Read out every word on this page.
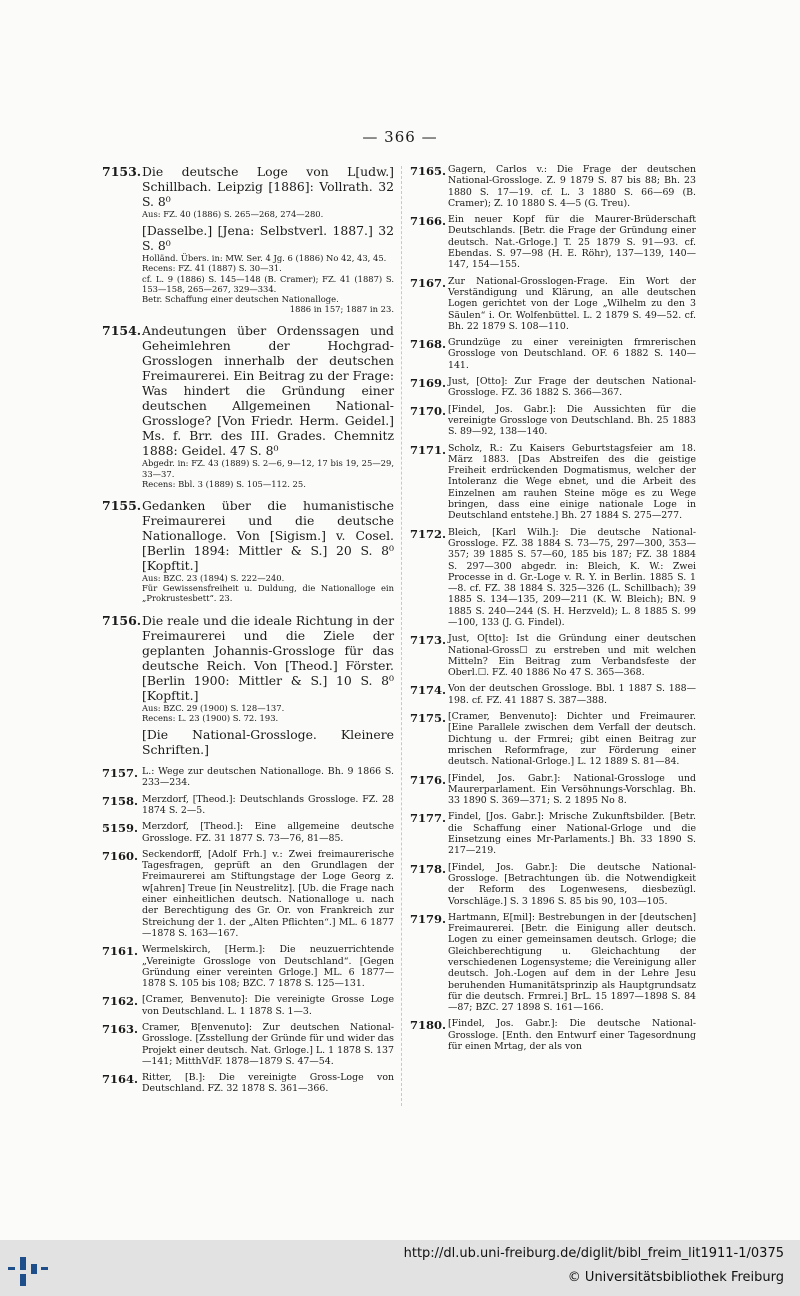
— 366 —
7153. Die deutsche Loge von L[udw.] Schillbach. Leipzig [1886]: Vollrath. 32 S. 8⁰
Aus: FZ. 40 (1886) S. 265—268, 274—280.
[Dasselbe.] [Jena: Selbstverl. 1887.] 32 S. 8⁰
Holländ. Übers. in: MW. Ser. 4 Jg. 6 (1886) No 42, 43, 45.
Recens: FZ. 41 (1887) S. 30—31.
cf. L. 9 (1886) S. 145—148 (B. Cramer); FZ. 41 (1887) S. 153—158, 265—267, 329—334.
Betr. Schaffung einer deutschen Nationalloge.
1886 in 157; 1887 in 23.
7154. Andeutungen über Ordenssagen und Geheimlehren der Hochgrad-Grosslogen innerhalb der deutschen Freimaurerei. Ein Beitrag zu der Frage: Was hindert die Gründung einer deutschen Allgemeinen National-Grossloge? [Von Friedr. Herm. Geidel.] Ms. f. Brr. des III. Grades. Chemnitz 1888: Geidel. 47 S. 8⁰
Abgedr. in: FZ. 43 (1889) S. 2—6, 9—12, 17 bis 19, 25—29, 33—37.
Recens: Bbl. 3 (1889) S. 105—112. 25.
7155. Gedanken über die humanistische Freimaurerei und die deutsche Nationalloge. Von [Sigism.] v. Cosel. [Berlin 1894: Mittler & S.] 20 S. 8⁰ [Kopftit.]
Aus: BZC. 23 (1894) S. 222—240.
Für Gewissensfreiheit u. Duldung, die Nationalloge ein „Prokrustesbett“. 23.
7156. Die reale und die ideale Richtung in der Freimaurerei und die Ziele der geplanten Johannis-Grossloge für das deutsche Reich. Von [Theod.] Förster. [Berlin 1900: Mittler & S.] 10 S. 8⁰ [Kopftit.]
Aus: BZC. 29 (1900) S. 128—137.
Recens: L. 23 (1900) S. 72. 193.
[Die National-Grossloge. Kleinere Schriften.]
7157. L.: Wege zur deutschen Nationalloge. Bh. 9 1866 S. 233—234.
7158. Merzdorf, [Theod.]: Deutschlands Grossloge. FZ. 28 1874 S. 2—5.
5159. Merzdorf, [Theod.]: Eine allgemeine deutsche Grossloge. FZ. 31 1877 S. 73—76, 81—85.
7160. Seckendorff, [Adolf Frh.] v.: Zwei freimaurerische Tagesfragen, geprüft an den Grundlagen der Freimaurerei am Stiftungstage der Loge Georg z. w[ahren] Treue [in Neustrelitz]. [Ub. die Frage nach einer einheitlichen deutsch. Nationalloge u. nach der Berechtigung des Gr. Or. von Frankreich zur Streichung der 1. der „Alten Pflichten“.] ML. 6 1877—1878 S. 163—167.
7161. Wermelskirch, [Herm.]: Die neuzuerrichtende „Vereinigte Grossloge von Deutschland“. [Gegen Gründung einer vereinten Grloge.] ML. 6 1877—1878 S. 105 bis 108; BZC. 7 1878 S. 125—131.
7162. [Cramer, Benvenuto]: Die vereinigte Grosse Loge von Deutschland. L. 1 1878 S. 1—3.
7163. Cramer, B[envenuto]: Zur deutschen National-Grossloge. [Zsstellung der Gründe für und wider das Projekt einer deutsch. Nat. Grloge.] L. 1 1878 S. 137—141; MitthVdF. 1878—1879 S. 47—54.
7164. Ritter, [B.]: Die vereinigte Gross-Loge von Deutschland. FZ. 32 1878 S. 361—366.
7165. Gagern, Carlos v.: Die Frage der deutschen National-Grossloge. Z. 9 1879 S. 87 bis 88; Bh. 23 1880 S. 17—19. cf. L. 3 1880 S. 66—69 (B. Cramer); Z. 10 1880 S. 4—5 (G. Treu).
7166. Ein neuer Kopf für die Maurer-Brüderschaft Deutschlands. [Betr. die Frage der Gründung einer deutsch. Nat.-Grloge.] T. 25 1879 S. 91—93. cf. Ebendas. S. 97—98 (H. E. Röhr), 137—139, 140—147, 154—155.
7167. Zur National-Grosslogen-Frage. Ein Wort der Verständigung und Klärung, an alle deutschen Logen gerichtet von der Loge „Wilhelm zu den 3 Säulen“ i. Or. Wolfenbüttel. L. 2 1879 S. 49—52. cf. Bh. 22 1879 S. 108—110.
7168. Grundzüge zu einer vereinigten frmrerischen Grossloge von Deutschland. OF. 6 1882 S. 140—141.
7169. Just, [Otto]: Zur Frage der deutschen National-Grossloge. FZ. 36 1882 S. 366—367.
7170. [Findel, Jos. Gabr.]: Die Aussichten für die vereinigte Grossloge von Deutschland. Bh. 25 1883 S. 89—92, 138—140.
7171. Scholz, R.: Zu Kaisers Geburtstagsfeier am 18. März 1883. [Das Abstreifen des die geistige Freiheit erdrückenden Dogmatismus, welcher der Intoleranz die Wege ebnet, und die Arbeit des Einzelnen am rauhen Steine möge es zu Wege bringen, dass eine einige nationale Loge in Deutschland entstehe.] Bh. 27 1884 S. 275—277.
7172. Bleich, [Karl Wilh.]: Die deutsche National-Grossloge. FZ. 38 1884 S. 73—75, 297—300, 353—357; 39 1885 S. 57—60, 185 bis 187; FZ. 38 1884 S. 297—300 abgedr. in: Bleich, K. W.: Zwei Processe in d. Gr.-Loge v. R. Y. in Berlin. 1885 S. 1—8. cf. FZ. 38 1884 S. 325—326 (L. Schillbach); 39 1885 S. 134—135, 209—211 (K. W. Bleich); BN. 9 1885 S. 240—244 (S. H. Herzveld); L. 8 1885 S. 99—100, 133 (J. G. Findel).
7173. Just, O[tto]: Ist die Gründung einer deutschen National-Gross☐ zu erstreben und mit welchen Mitteln? Ein Beitrag zum Verbandsfeste der Oberl.☐. FZ. 40 1886 No 47 S. 365—368.
7174. Von der deutschen Grossloge. Bbl. 1 1887 S. 188—198. cf. FZ. 41 1887 S. 387—388.
7175. [Cramer, Benvenuto]: Dichter und Freimaurer. [Eine Parallele zwischen dem Verfall der deutsch. Dichtung u. der Frmrei; gibt einen Beitrag zur mrischen Reformfrage, zur Förderung einer deutsch. National-Grloge.] L. 12 1889 S. 81—84.
7176. [Findel, Jos. Gabr.]: National-Grossloge und Maurerparlament. Ein Versöhnungs-Vorschlag. Bh. 33 1890 S. 369—371; S. 2 1895 No 8.
7177. Findel, [Jos. Gabr.]: Mrische Zukunftsbilder. [Betr. die Schaffung einer National-Grloge und die Einsetzung eines Mr-Parlaments.] Bh. 33 1890 S. 217—219.
7178. [Findel, Jos. Gabr.]: Die deutsche National-Grossloge. [Betrachtungen üb. die Notwendigkeit der Reform des Logenwesens, diesbezügl. Vorschläge.] S. 3 1896 S. 85 bis 90, 103—105.
7179. Hartmann, E[mil]: Bestrebungen in der [deutschen] Freimaurerei. [Betr. die Einigung aller deutsch. Logen zu einer gemeinsamen deutsch. Grloge; die Gleichberechtigung u. Gleichachtung der verschiedenen Logensysteme; die Vereinigung aller deutsch. Joh.-Logen auf dem in der Lehre Jesu beruhenden Humanitätsprinzip als Hauptgrundsatz für die deutsch. Frmrei.] BrL. 15 1897—1898 S. 84—87; BZC. 27 1898 S. 161—166.
7180. [Findel, Jos. Gabr.]: Die deutsche National-Grossloge. [Enth. den Entwurf einer Tagesordnung für einen Mrtag, der als von
http://dl.ub.uni-freiburg.de/diglit/bibl_freim_lit1911-1/0375
© Universitätsbibliothek Freiburg
